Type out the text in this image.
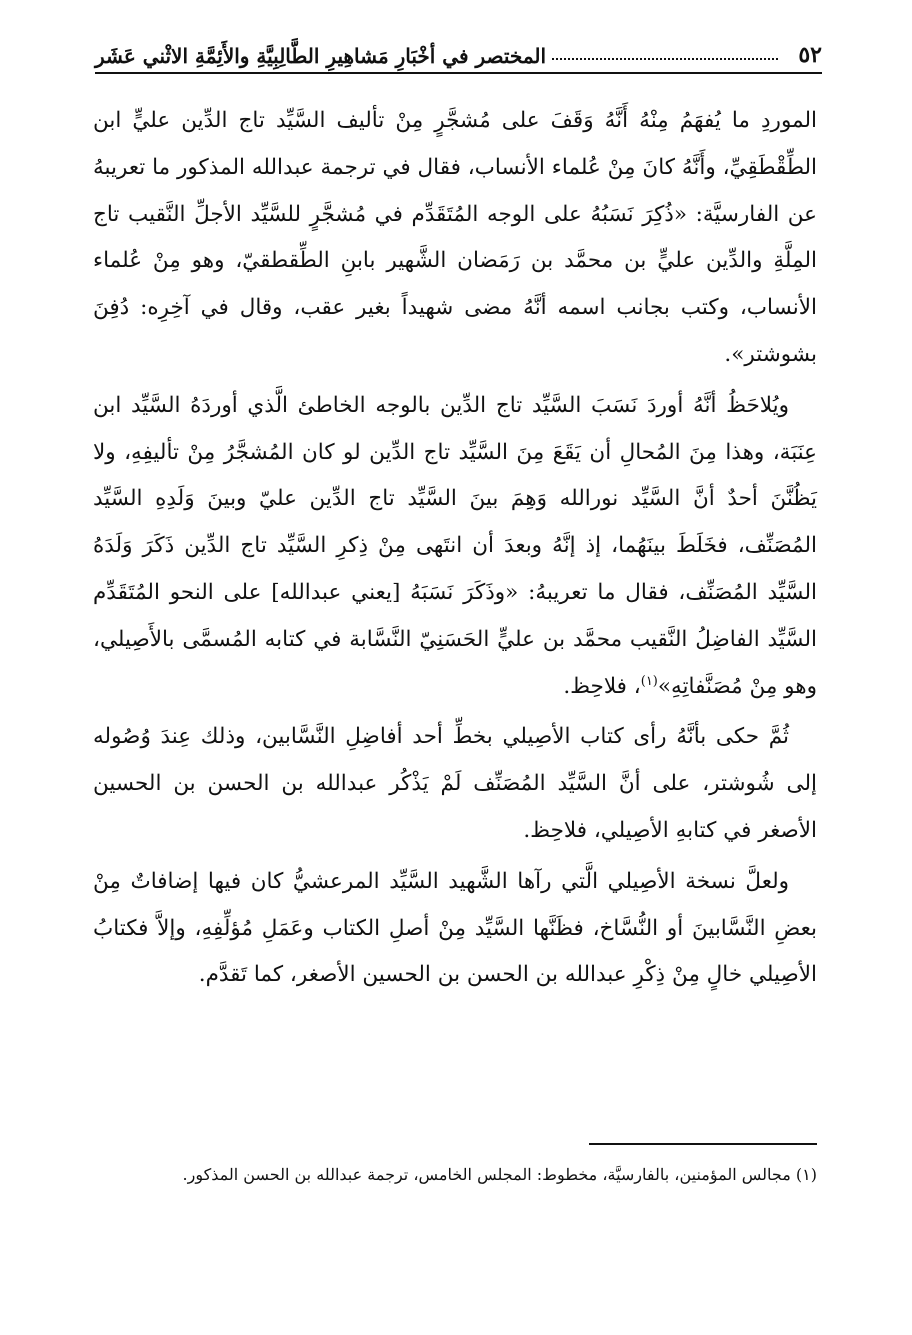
٥٢
المختصر في أخْبَارِ مَشاهِيرِ الطَّالِبِيَّةِ والأَئِمَّةِ الاثْني عَشَر

الموردِ ما يُفهَمُ مِنْهُ أَنَّهُ وَقَفَ على مُشجَّرٍ مِنْ تأليف السَّيِّد تاج الدِّين عليٍّ ابن الطِّقْطَقِيِّ، وأَنَّهُ كانَ مِنْ عُلماء الأنساب، فقال في ترجمة عبدالله المذكور ما تعريبهُ عن الفارسيَّة: «ذُكِرَ نَسَبُهُ على الوجه المُتَقَدِّم في مُشجَّرٍ للسَّيِّد الأجلِّ النَّقيب تاج المِلَّةِ والدِّين عليٍّ بن محمَّد بن رَمَضان الشَّهير بابنِ الطِّقطقيّ، وهو مِنْ عُلماء الأنساب، وكتب بجانب اسمه أنَّهُ مضى شهيداً بغير عقب، وقال في آخِرِه: دُفِنَ بشوشتر».

ويُلاحَظُ أنَّهُ أوردَ نَسَبَ السَّيِّد تاج الدِّين بالوجه الخاطئ الَّذي أوردَهُ السَّيِّد ابن عِنَبَة، وهذا مِنَ المُحالِ أن يَقَعَ مِنَ السَّيِّد تاج الدِّين لو كان المُشجَّرُ مِنْ تأليفِهِ، ولا يَظُنَّنَ أحدٌ أنَّ السَّيِّد نورالله وَهِمَ بينَ السَّيِّد تاج الدِّين عليّ وبينَ وَلَدِهِ السَّيِّد المُصَنِّف، فخَلَطَ بينَهُما، إذ إنَّهُ وبعدَ أن انتَهى مِنْ ذِكرِ السَّيِّد تاج الدِّين ذَكَرَ وَلَدَهُ السَّيِّد المُصَنِّف، فقال ما تعريبهُ: «وذَكَرَ نَسَبَهُ [يعني عبدالله] على النحو المُتَقَدِّم السَّيِّد الفاضِلُ النَّقيب محمَّد بن عليٍّ الحَسَنِيّ النَّسَّابة في كتابه المُسمَّى بالأَصِيلي، وهو مِنْ مُصَنَّفاتِهِ»$^{(١)}$، فلاحِظ.

ثُمَّ حكى بأنَّهُ رأى كتاب الأصِيلي بخطِّ أحد أفاضِلِ النَّسَّابين، وذلك عِندَ وُصُوله إلى شُوشتر، على أنَّ السَّيِّد المُصَنِّف لَمْ يَذْكُر عبدالله بن الحسن بن الحسين الأصغر في كتابهِ الأصِيلي، فلاحِظ.

ولعلَّ نسخة الأصِيلي الَّتي رآها الشَّهيد السَّيِّد المرعشيُّ كان فيها إضافاتٌ مِنْ بعضِ النَّسَّابينَ أو النُّسَّاخ، فظَنَّها السَّيِّد مِنْ أصلِ الكتاب وعَمَلِ مُؤلِّفِهِ، وإلاَّ فكتابُ الأصِيلي خالٍ مِنْ ذِكْرِ عبدالله بن الحسن بن الحسين الأصغر، كما تَقدَّم.

(١) مجالس المؤمنين، بالفارسيَّة، مخطوط: المجلس الخامس، ترجمة عبدالله بن الحسن المذكور.
